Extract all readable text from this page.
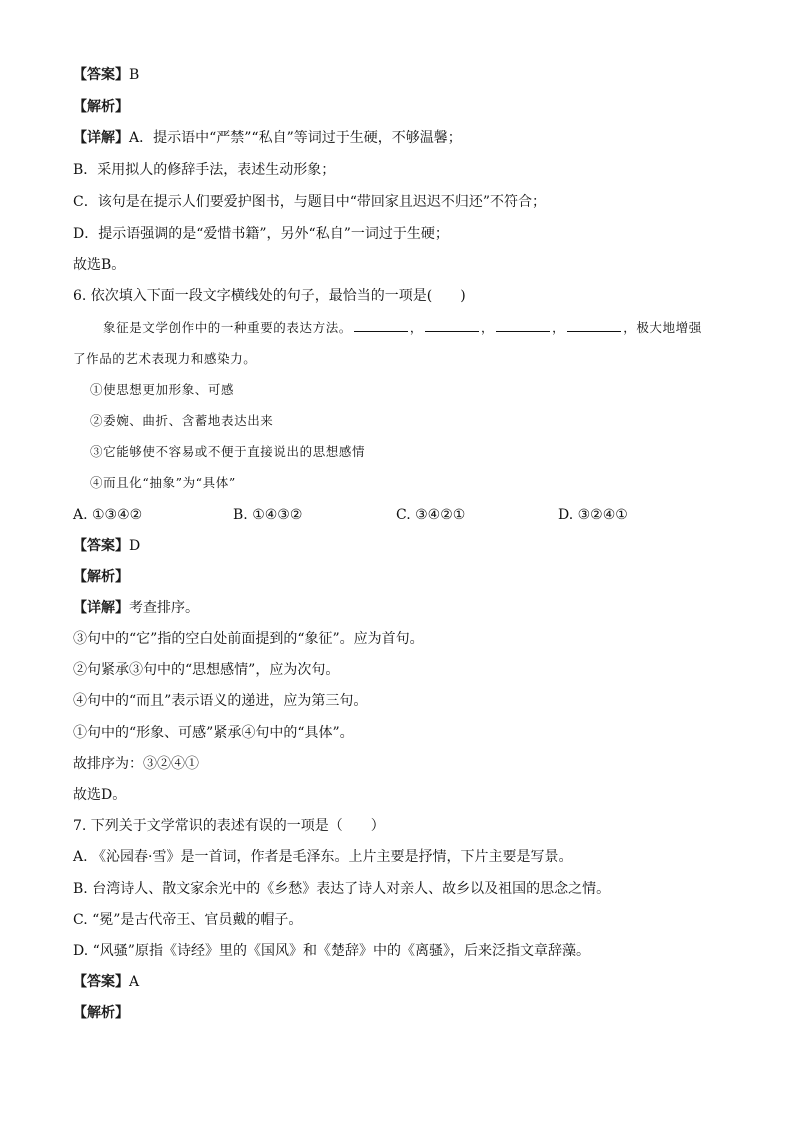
【答案】B
【解析】
【详解】A．提示语中“严禁”“私自”等词过于生硬，不够温馨；
B．采用拟人的修辞手法，表述生动形象；
C．该句是在提示人们要爱护图书，与题目中“带回家且迟迟不归还”不符合；
D．提示语强调的是“爱惜书籍”，另外“私自”一词过于生硬；
故选B。
6. 依次填入下面一段文字横线处的句子，最恰当的一项是(　　)
象征是文学创作中的一种重要的表达方法。	，	，	，	，极大地增强
了作品的艺术表现力和感染力。
①使思想更加形象、可感
②委婉、曲折、含蓄地表达出来
③它能够使不容易或不便于直接说出的思想感情
④而且化“抽象”为“具体”
A. ①③④②	B. ①④③②	C. ③④②①	D. ③②④①
【答案】D
【解析】
【详解】考查排序。
③句中的“它”指的空白处前面提到的“象征”。应为首句。
②句紧承③句中的“思想感情”，应为次句。
④句中的“而且”表示语义的递进，应为第三句。
①句中的“形象、可感”紧承④句中的“具体”。
故排序为：③②④①
故选D。
7. 下列关于文学常识的表述有误的一项是（　　）
A. 《沁园春·雪》是一首词，作者是毛泽东。上片主要是抒情，下片主要是写景。
B. 台湾诗人、散文家余光中的《乡愁》表达了诗人对亲人、故乡以及祖国的思念之情。
C. “冕”是古代帝王、官员戴的帽子。
D. “风骚”原指《诗经》里的《国风》和《楚辞》中的《离骚》，后来泛指文章辞藻。
【答案】A
【解析】
